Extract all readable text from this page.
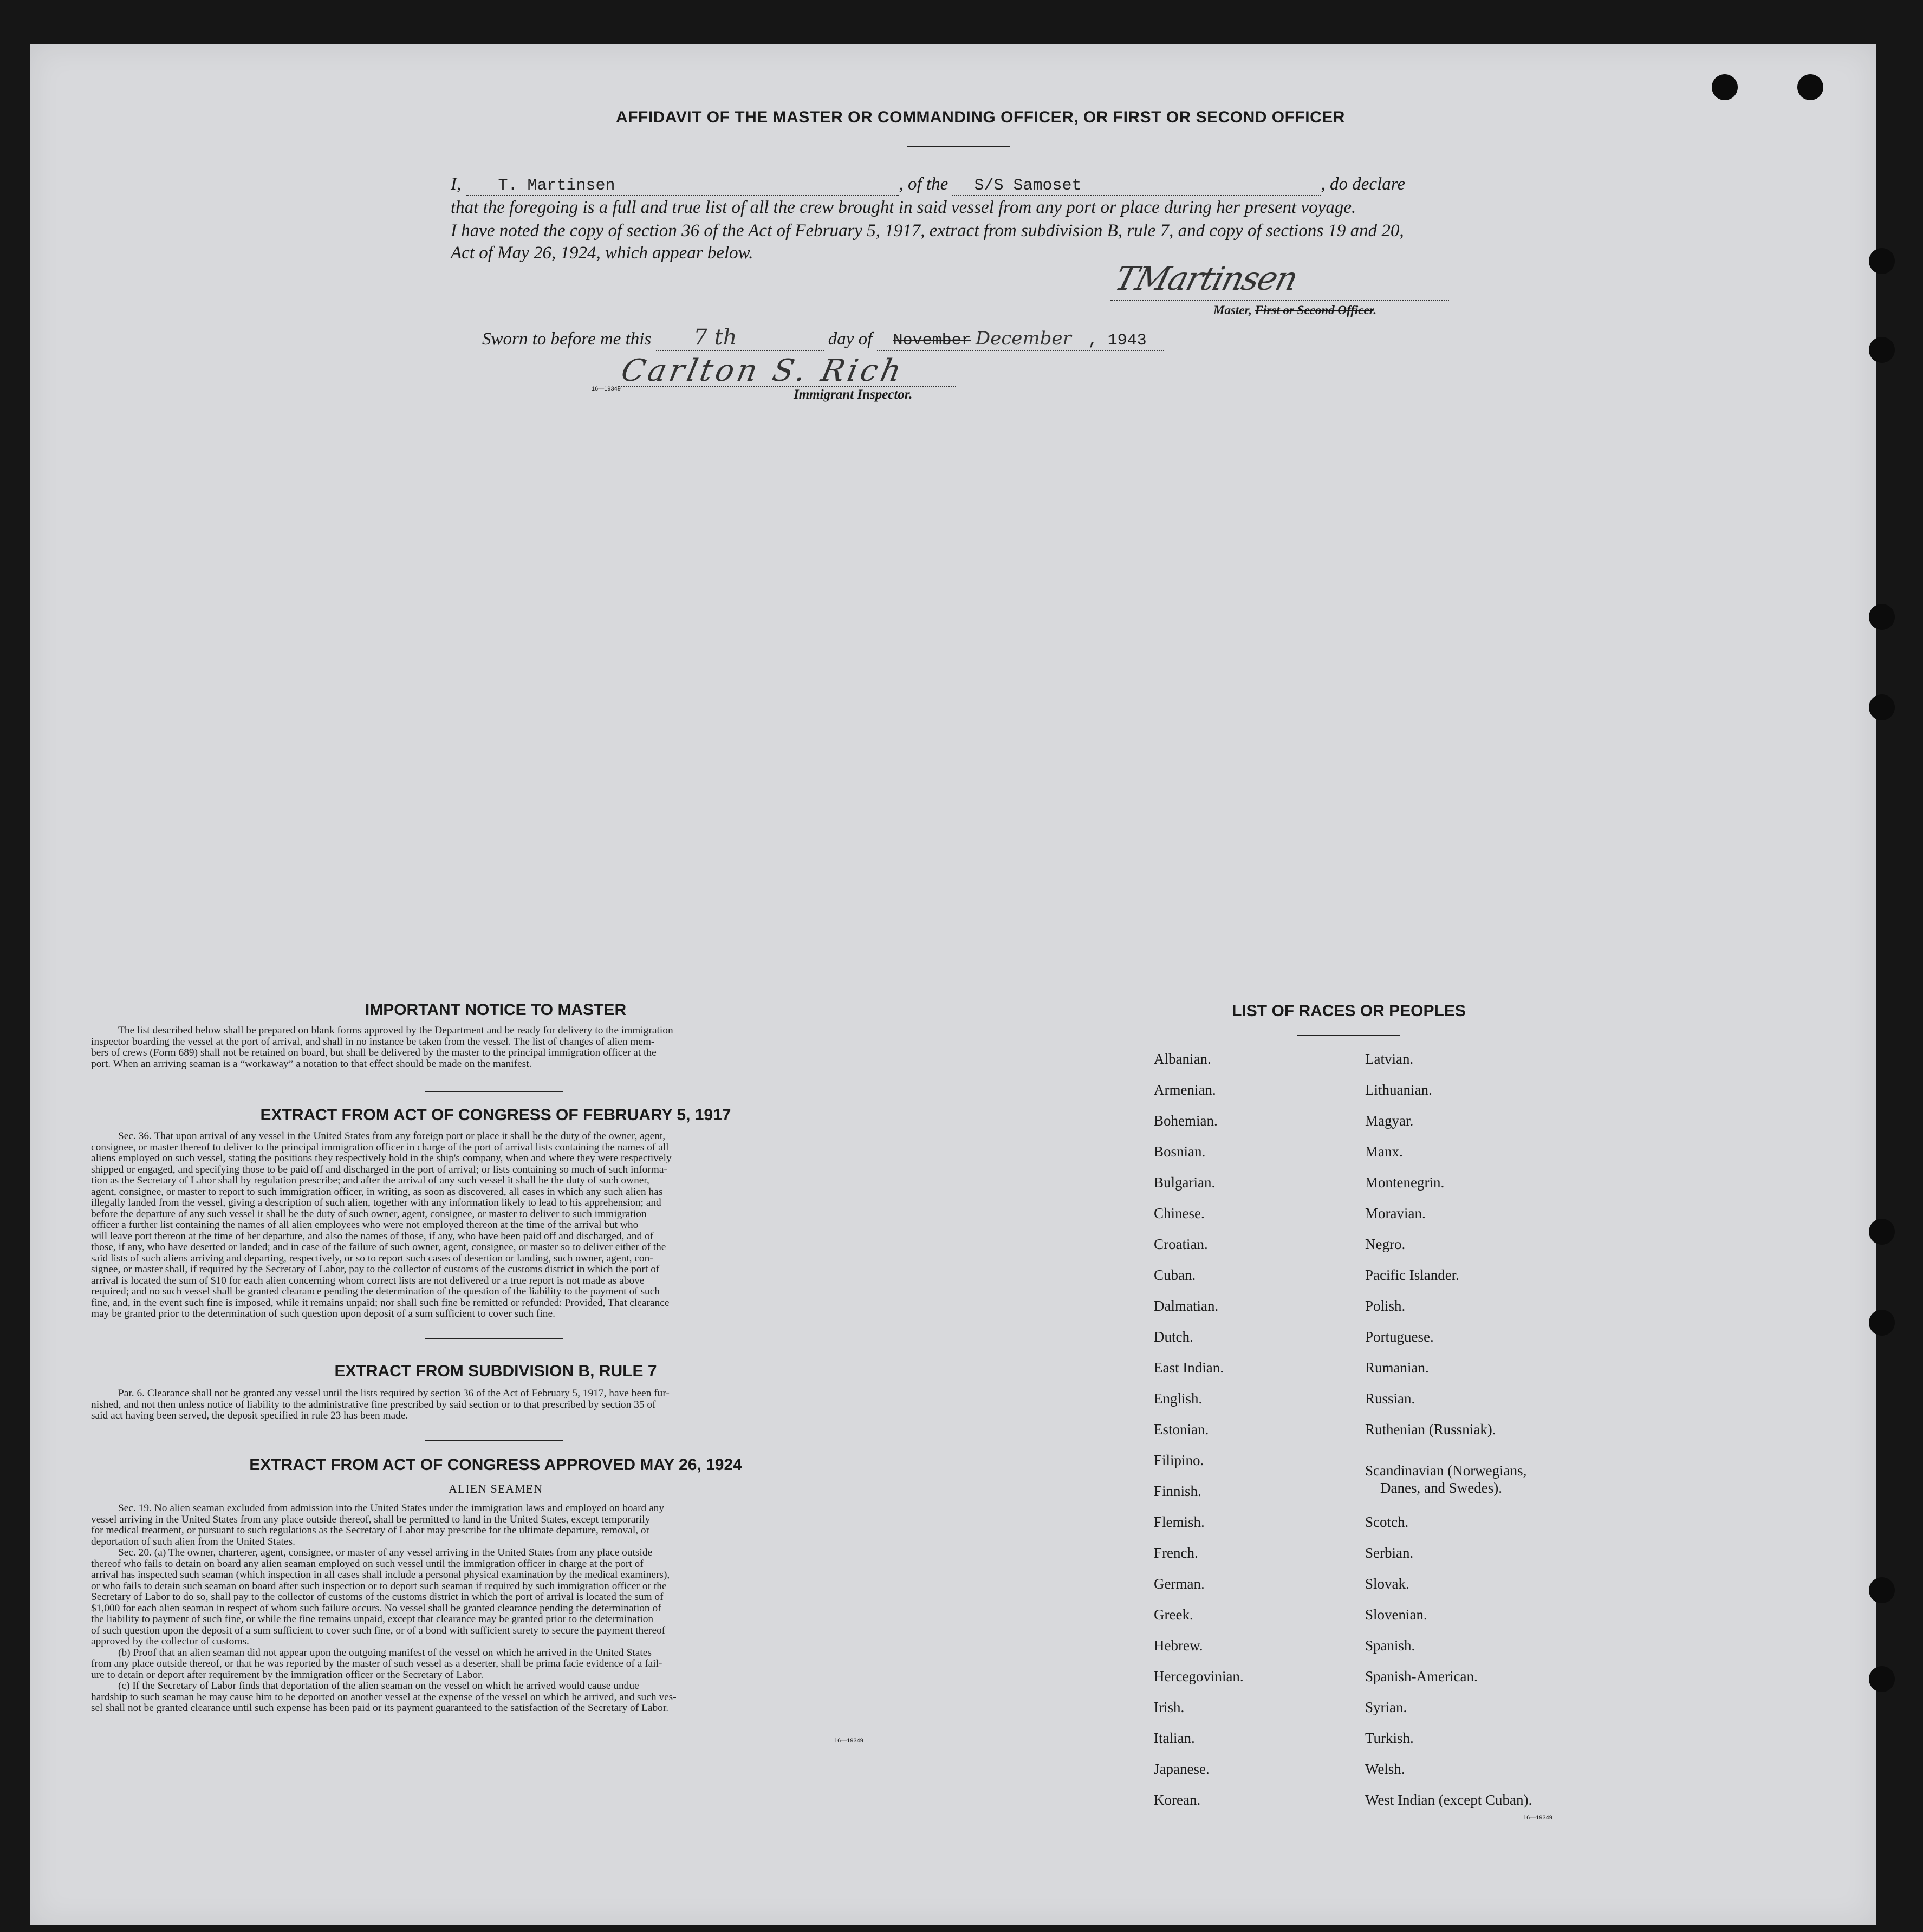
AFFIDAVIT OF THE MASTER OR COMMANDING OFFICER, OR FIRST OR SECOND OFFICER
I, T. Martinsen	, of the S/S Samoset	, do declare
that the foregoing is a full and true list of all the crew brought in said vessel from any port or place during her present voyage.
I have noted the copy of section 36 of the Act of February 5, 1917, extract from subdivision B, rule 7, and copy of sections 19 and 20,
Act of May 26, 1924, which appear below.
TMartinsen
Master, First or Second Officer.
Sworn to before me this 7 th	day of November December , 1943
Carlton S. Rich
16—19349	Immigrant Inspector.
IMPORTANT NOTICE TO MASTER
The list described below shall be prepared on blank forms approved by the Department and be ready for delivery to the immigration
inspector boarding the vessel at the port of arrival, and shall in no instance be taken from the vessel. The list of changes of alien mem-
bers of crews (Form 689) shall not be retained on board, but shall be delivered by the master to the principal immigration officer at the
port. When an arriving seaman is a “workaway” a notation to that effect should be made on the manifest.
EXTRACT FROM ACT OF CONGRESS OF FEBRUARY 5, 1917
Sec. 36. That upon arrival of any vessel in the United States from any foreign port or place it shall be the duty of the owner, agent,
consignee, or master thereof to deliver to the principal immigration officer in charge of the port of arrival lists containing the names of all
aliens employed on such vessel, stating the positions they respectively hold in the ship's company, when and where they were respectively
shipped or engaged, and specifying those to be paid off and discharged in the port of arrival; or lists containing so much of such informa-
tion as the Secretary of Labor shall by regulation prescribe; and after the arrival of any such vessel it shall be the duty of such owner,
agent, consignee, or master to report to such immigration officer, in writing, as soon as discovered, all cases in which any such alien has
illegally landed from the vessel, giving a description of such alien, together with any information likely to lead to his apprehension; and
before the departure of any such vessel it shall be the duty of such owner, agent, consignee, or master to deliver to such immigration
officer a further list containing the names of all alien employees who were not employed thereon at the time of the arrival but who
will leave port thereon at the time of her departure, and also the names of those, if any, who have been paid off and discharged, and of
those, if any, who have deserted or landed; and in case of the failure of such owner, agent, consignee, or master so to deliver either of the
said lists of such aliens arriving and departing, respectively, or so to report such cases of desertion or landing, such owner, agent, con-
signee, or master shall, if required by the Secretary of Labor, pay to the collector of customs of the customs district in which the port of
arrival is located the sum of $10 for each alien concerning whom correct lists are not delivered or a true report is not made as above
required; and no such vessel shall be granted clearance pending the determination of the question of the liability to the payment of such
fine, and, in the event such fine is imposed, while it remains unpaid; nor shall such fine be remitted or refunded: Provided, That clearance
may be granted prior to the determination of such question upon deposit of a sum sufficient to cover such fine.
EXTRACT FROM SUBDIVISION B, RULE 7
Par. 6. Clearance shall not be granted any vessel until the lists required by section 36 of the Act of February 5, 1917, have been fur-
nished, and not then unless notice of liability to the administrative fine prescribed by said section or to that prescribed by section 35 of
said act having been served, the deposit specified in rule 23 has been made.
EXTRACT FROM ACT OF CONGRESS APPROVED MAY 26, 1924
ALIEN SEAMEN
Sec. 19. No alien seaman excluded from admission into the United States under the immigration laws and employed on board any
vessel arriving in the United States from any place outside thereof, shall be permitted to land in the United States, except temporarily
for medical treatment, or pursuant to such regulations as the Secretary of Labor may prescribe for the ultimate departure, removal, or
deportation of such alien from the United States.
Sec. 20. (a) The owner, charterer, agent, consignee, or master of any vessel arriving in the United States from any place outside
thereof who fails to detain on board any alien seaman employed on such vessel until the immigration officer in charge at the port of
arrival has inspected such seaman (which inspection in all cases shall include a personal physical examination by the medical examiners),
or who fails to detain such seaman on board after such inspection or to deport such seaman if required by such immigration officer or the
Secretary of Labor to do so, shall pay to the collector of customs of the customs district in which the port of arrival is located the sum of
$1,000 for each alien seaman in respect of whom such failure occurs. No vessel shall be granted clearance pending the determination of
the liability to payment of such fine, or while the fine remains unpaid, except that clearance may be granted prior to the determination
of such question upon the deposit of a sum sufficient to cover such fine, or of a bond with sufficient surety to secure the payment thereof
approved by the collector of customs.
(b) Proof that an alien seaman did not appear upon the outgoing manifest of the vessel on which he arrived in the United States
from any place outside thereof, or that he was reported by the master of such vessel as a deserter, shall be prima facie evidence of a fail-
ure to detain or deport after requirement by the immigration officer or the Secretary of Labor.
(c) If the Secretary of Labor finds that deportation of the alien seaman on the vessel on which he arrived would cause undue
hardship to such seaman he may cause him to be deported on another vessel at the expense of the vessel on which he arrived, and such ves-
sel shall not be granted clearance until such expense has been paid or its payment guaranteed to the satisfaction of the Secretary of Labor.
16—19349
LIST OF RACES OR PEOPLES
Albanian.
Armenian.
Bohemian.
Bosnian.
Bulgarian.
Chinese.
Croatian.
Cuban.
Dalmatian.
Dutch.
East Indian.
English.
Estonian.
Filipino.
Finnish.
Flemish.
French.
German.
Greek.
Hebrew.
Hercegovinian.
Irish.
Italian.
Japanese.
Korean.
Latvian.
Lithuanian.
Magyar.
Manx.
Montenegrin.
Moravian.
Negro.
Pacific Islander.
Polish.
Portuguese.
Rumanian.
Russian.
Ruthenian (Russniak).
Scandinavian (Norwegians,
Danes, and Swedes).
Scotch.
Serbian.
Slovak.
Slovenian.
Spanish.
Spanish-American.
Syrian.
Turkish.
Welsh.
West Indian (except Cuban).
16—19349
